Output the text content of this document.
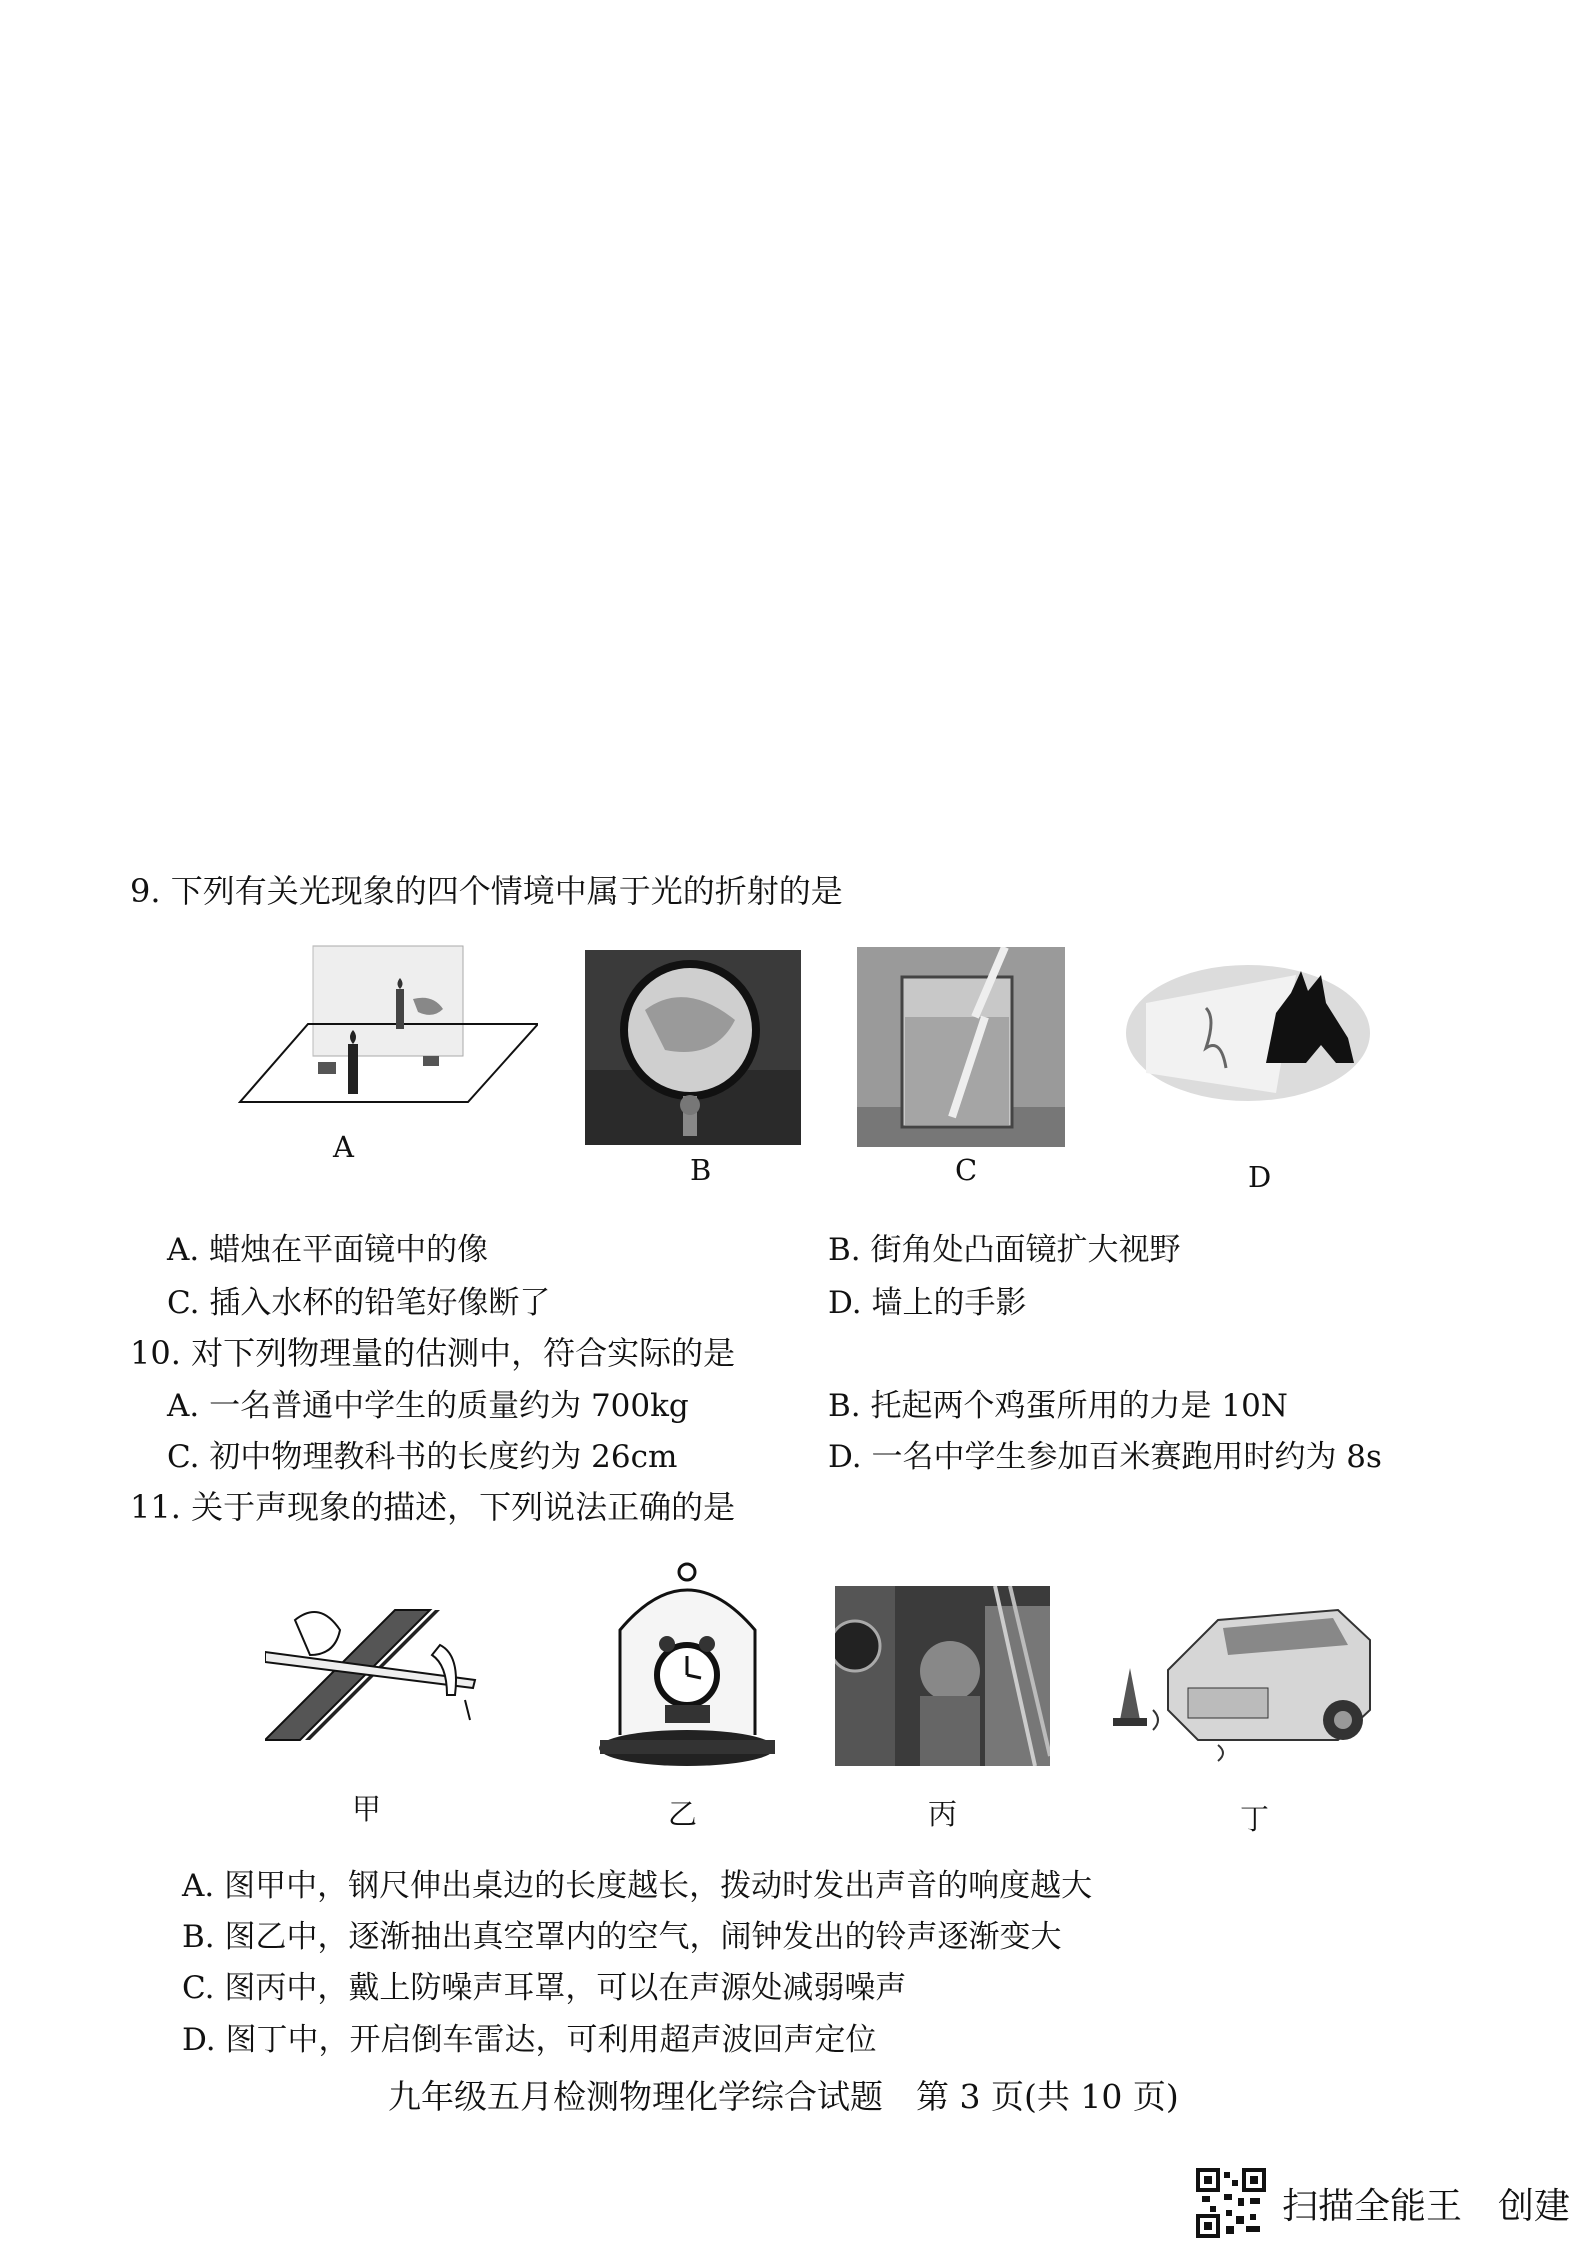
9. 下列有关光现象的四个情境中属于光的折射的是
A
B	C	D
A. 蜡烛在平面镜中的像	B. 街角处凸面镜扩大视野
C. 插入水杯的铅笔好像断了	D. 墙上的手影
10. 对下列物理量的估测中，符合实际的是
A. 一名普通中学生的质量约为 700kg	B. 托起两个鸡蛋所用的力是 10N
C. 初中物理教科书的长度约为 26cm	D. 一名中学生参加百米赛跑用时约为 8s
11. 关于声现象的描述，下列说法正确的是
甲	乙	丙	丁
A. 图甲中，钢尺伸出桌边的长度越长，拨动时发出声音的响度越大
B. 图乙中，逐渐抽出真空罩内的空气，闹钟发出的铃声逐渐变大
C. 图丙中，戴上防噪声耳罩，可以在声源处减弱噪声
D. 图丁中，开启倒车雷达，可利用超声波回声定位
九年级五月检测物理化学综合试题　第 3 页(共 10 页)
扫描全能王　创建
